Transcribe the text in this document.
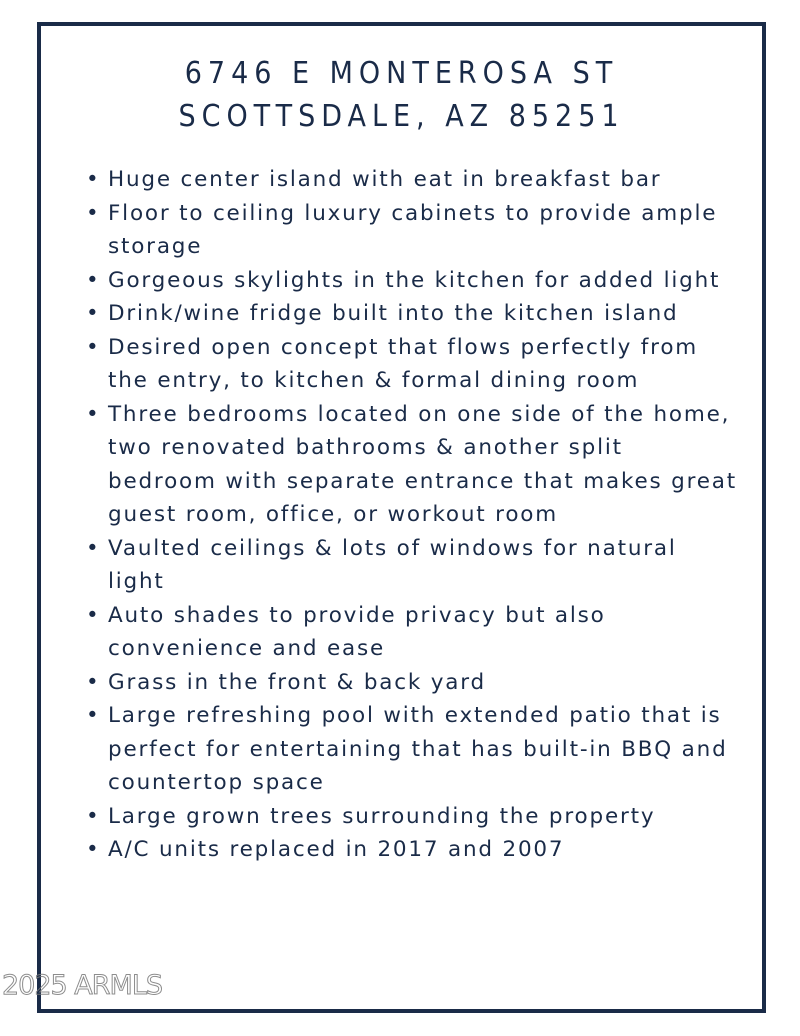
6746 E MONTEROSA ST
SCOTTSDALE, AZ 85251
• Huge center island with eat in breakfast bar
• Floor to ceiling luxury cabinets to provide ample storage
• Gorgeous skylights in the kitchen for added light
• Drink/wine fridge built into the kitchen island
• Desired open concept that flows perfectly from the entry, to kitchen & formal dining room
• Three bedrooms located on one side of the home, two renovated bathrooms & another split bedroom with separate entrance that makes great guest room, office, or workout room
• Vaulted ceilings & lots of windows for natural light
• Auto shades to provide privacy but also convenience and ease
• Grass in the front & back yard
• Large refreshing pool with extended patio that is perfect for entertaining that has built-in BBQ and countertop space
• Large grown trees surrounding the property
• A/C units replaced in 2017 and 2007
2025 ARMLS
